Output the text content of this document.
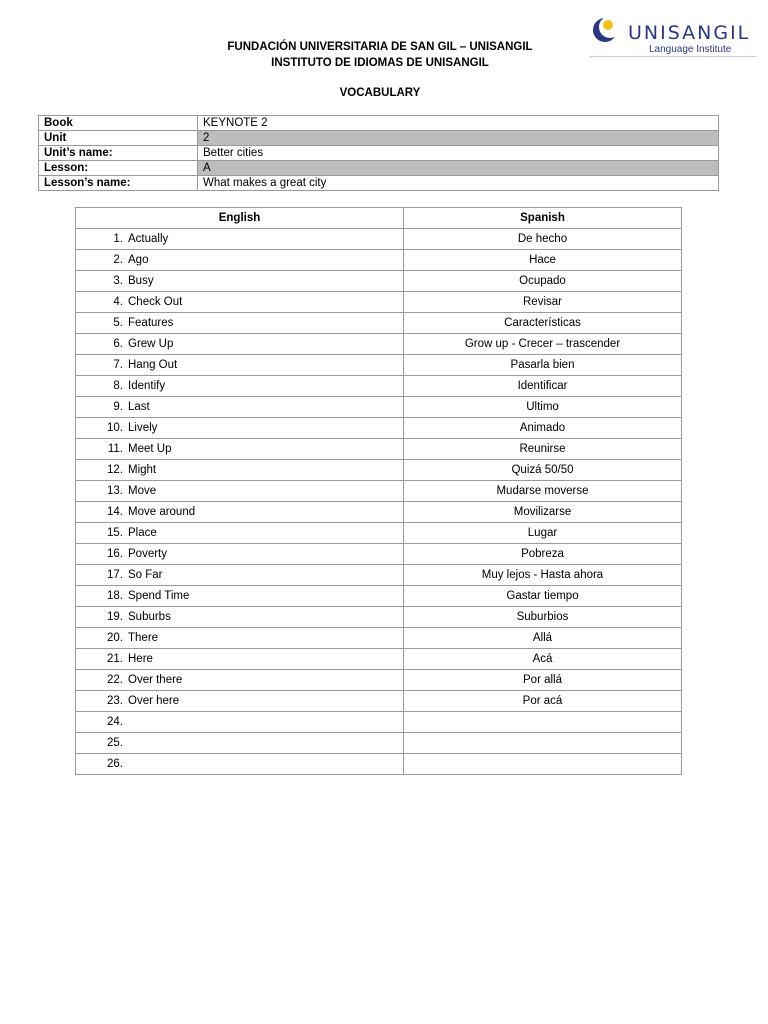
UNISANGIL
Language Institute
FUNDACIÓN UNIVERSITARIA DE SAN GIL – UNISANGIL
INSTITUTO DE IDIOMAS DE UNISANGIL
VOCABULARY
Book	KEYNOTE 2
Unit	2
Unit’s name:	Better cities
Lesson:	A
Lesson’s name:	What makes a great city
English	Spanish
1. Actually	De hecho
2. Ago	Hace
3. Busy	Ocupado
4. Check Out	Revisar
5. Features	Características
6. Grew Up	Grow up - Crecer – trascender
7. Hang Out	Pasarla bien
8. Identify	Identificar
9. Last	Ultimo
10. Lively	Animado
11. Meet Up	Reunirse
12. Might	Quizá 50/50
13. Move	Mudarse moverse
14. Move around	Movilizarse
15. Place	Lugar
16. Poverty	Pobreza
17. So Far	Muy lejos - Hasta ahora
18. Spend Time	Gastar tiempo
19. Suburbs	Suburbios
20. There	Allá
21. Here	Acá
22. Over there	Por allá
23. Over here	Por acá
24.	
25.	
26.	
